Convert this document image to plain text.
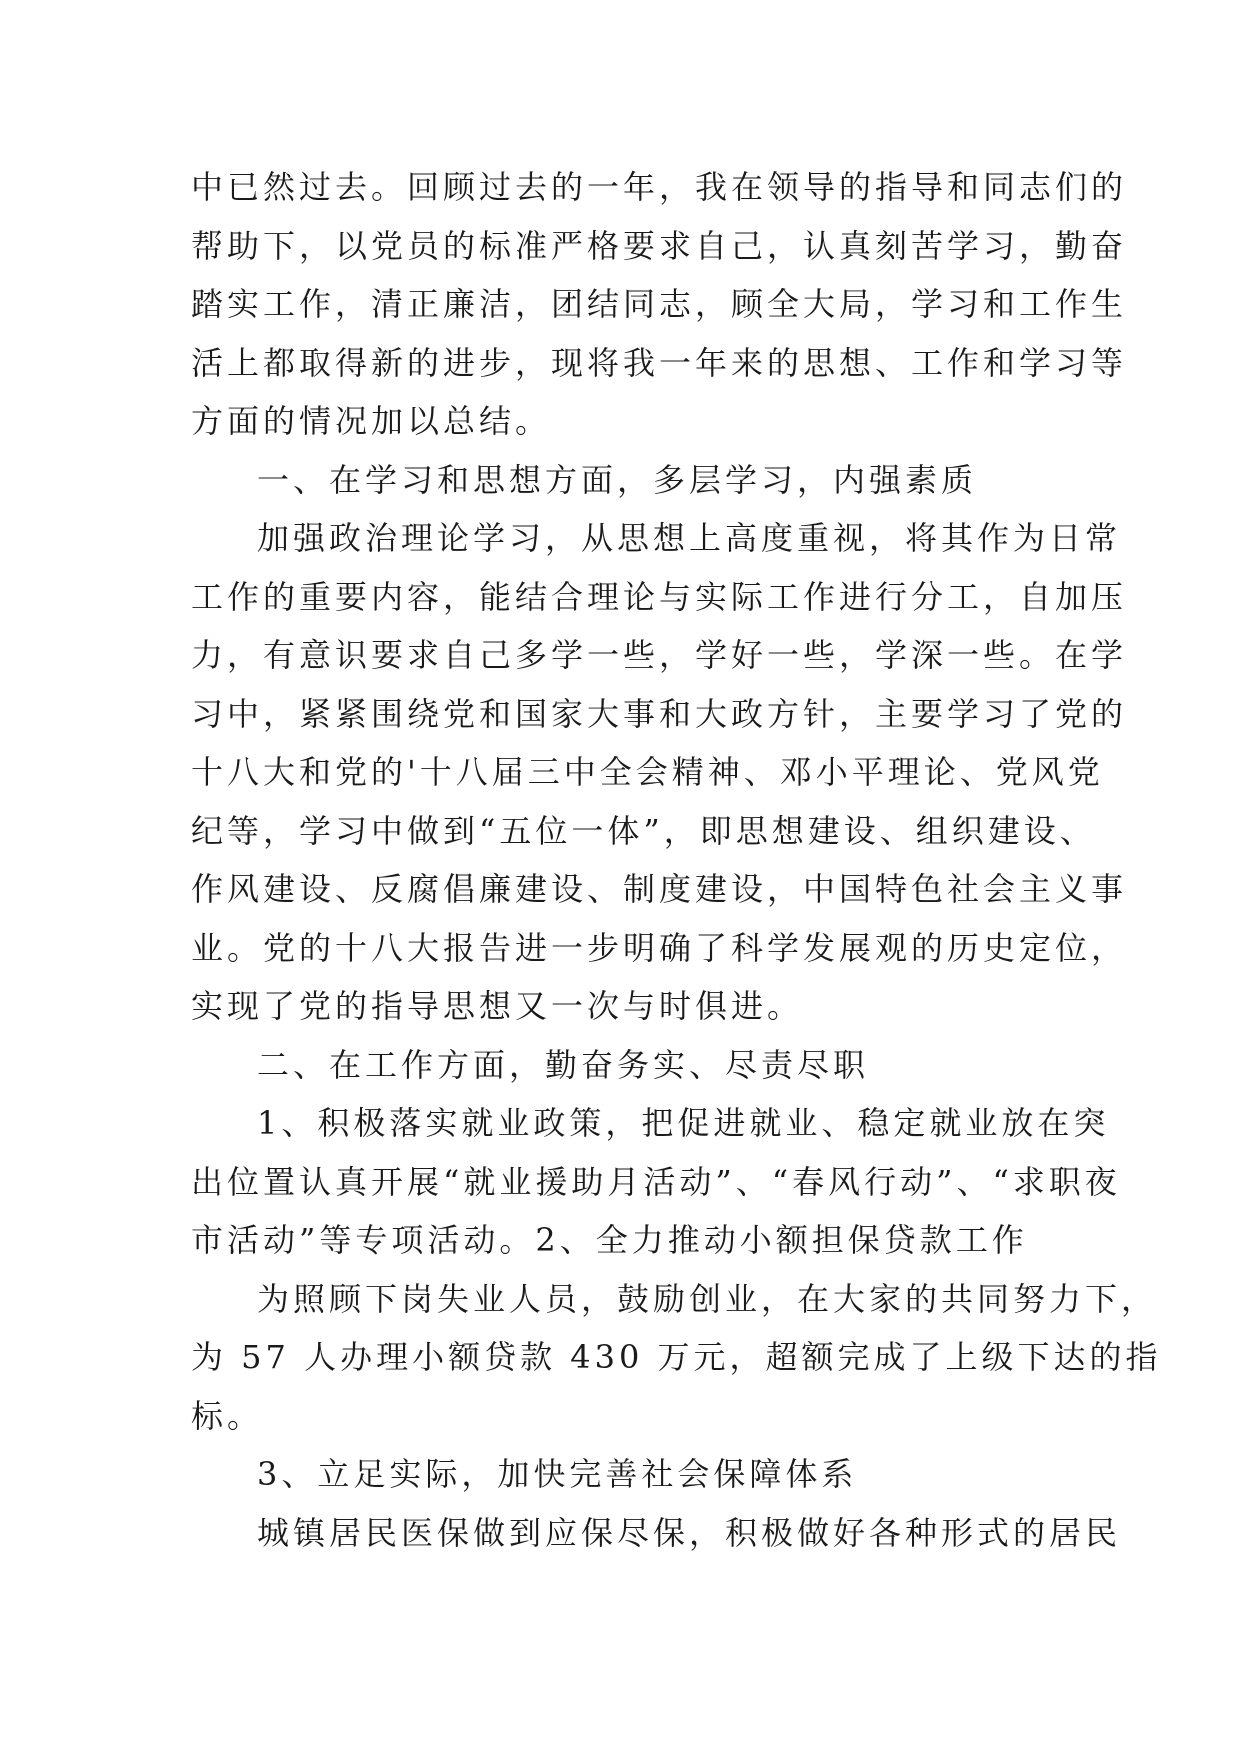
中已然过去。回顾过去的一年，我在领导的指导和同志们的
帮助下，以党员的标准严格要求自己，认真刻苦学习，勤奋
踏实工作，清正廉洁，团结同志，顾全大局，学习和工作生
活上都取得新的进步，现将我一年来的思想、工作和学习等
方面的情况加以总结。
一、在学习和思想方面，多层学习，内强素质
加强政治理论学习，从思想上高度重视，将其作为日常
工作的重要内容，能结合理论与实际工作进行分工，自加压
力，有意识要求自己多学一些，学好一些，学深一些。在学
习中，紧紧围绕党和国家大事和大政方针，主要学习了党的
十八大和党的'十八届三中全会精神、邓小平理论、党风党
纪等，学习中做到“五位一体”，即思想建设、组织建设、
作风建设、反腐倡廉建设、制度建设，中国特色社会主义事
业。党的十八大报告进一步明确了科学发展观的历史定位，
实现了党的指导思想又一次与时俱进。
二、在工作方面，勤奋务实、尽责尽职
1、积极落实就业政策，把促进就业、稳定就业放在突
出位置认真开展“就业援助月活动”、“春风行动”、“求职夜
市活动”等专项活动。2、全力推动小额担保贷款工作
为照顾下岗失业人员，鼓励创业，在大家的共同努力下，
为 57 人办理小额贷款 430 万元，超额完成了上级下达的指
标。
3、立足实际，加快完善社会保障体系
城镇居民医保做到应保尽保，积极做好各种形式的居民
